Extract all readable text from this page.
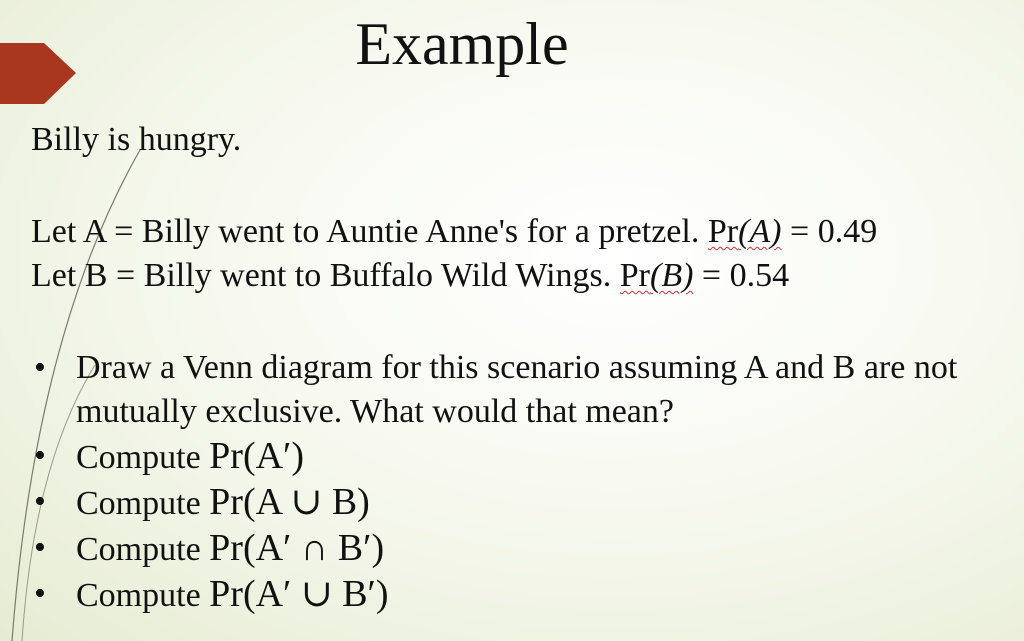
Example
Billy is hungry.
Let A = Billy went to Auntie Anne's for a pretzel. Pr(A) = 0.49
Let B = Billy went to Buffalo Wild Wings. Pr(B) = 0.54
• Draw a Venn diagram for this scenario assuming A and B are not mutually exclusive. What would that mean?
• Compute Pr(A′)
• Compute Pr(A ∪ B)
• Compute Pr(A′ ∩ B′)
• Compute Pr(A′ ∪ B′)
